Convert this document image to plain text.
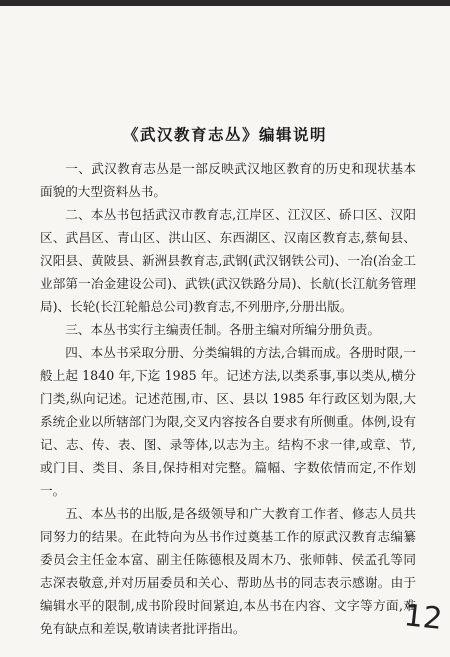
《武汉教育志丛》编辑说明

一、武汉教育志丛是一部反映武汉地区教育的历史和现状基本面貌的大型资料丛书。

二、本丛书包括武汉市教育志,江岸区、江汉区、硚口区、汉阳区、武昌区、青山区、洪山区、东西湖区、汉南区教育志,蔡甸县、汉阳县、黄陂县、新洲县教育志,武钢(武汉钢铁公司)、一冶(冶金工业部第一冶金建设公司)、武铁(武汉铁路分局)、长航(长江航务管理局)、长轮(长江轮船总公司)教育志,不列册序,分册出版。

三、本丛书实行主编责任制。各册主编对所编分册负责。

四、本丛书采取分册、分类编辑的方法,合辑而成。各册时限,一般上起 1840 年,下迄 1985 年。记述方法,以类系事,事以类从,横分门类,纵向记述。记述范围,市、区、县以 1985 年行政区划为限,大系统企业以所辖部门为限,交叉内容按各自要求有所侧重。体例,设有记、志、传、表、图、录等体,以志为主。结构不求一律,或章、节,或门目、类目、条目,保持相对完整。篇幅、字数依情而定,不作划一。

五、本丛书的出版,是各级领导和广大教育工作者、修志人员共同努力的结果。在此特向为丛书作过奠基工作的原武汉教育志编纂委员会主任金本富、副主任陈德根及周木乃、张师韩、侯孟孔等同志深表敬意,并对历届委员和关心、帮助丛书的同志表示感谢。由于编辑水平的限制,成书阶段时间紧迫,本丛书在内容、文字等方面,难免有缺点和差误,敬请读者批评指出。	12
